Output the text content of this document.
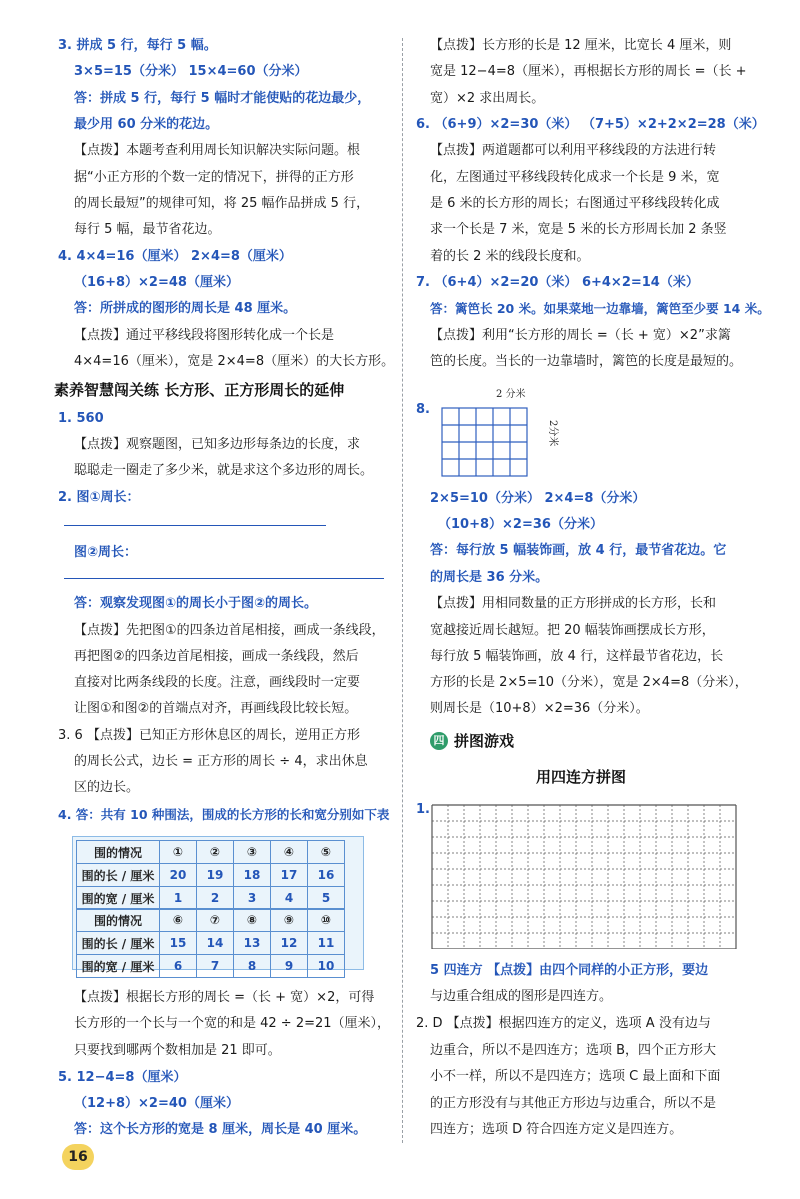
3. 拼成 5 行，每行 5 幅。
3×5=15（分米） 15×4=60（分米）
答：拼成 5 行，每行 5 幅时才能使贴的花边最少，
最少用 60 分米的花边。
【点拨】本题考查利用周长知识解决实际问题。根
据“小正方形的个数一定的情况下，拼得的正方形
的周长最短”的规律可知，将 25 幅作品拼成 5 行，
每行 5 幅，最节省花边。
4. 4×4=16（厘米） 2×4=8（厘米）
（16+8）×2=48（厘米）
答：所拼成的图形的周长是 48 厘米。
【点拨】通过平移线段将图形转化成一个长是
4×4=16（厘米），宽是 2×4=8（厘米）的大长方形。
素养智慧闯关练 长方形、正方形周长的延伸
1. 560
【点拨】观察题图，已知多边形每条边的长度，求
聪聪走一圈走了多少米，就是求这个多边形的周长。
2. 图①周长：
图②周长：
答：观察发现图①的周长小于图②的周长。
【点拨】先把图①的四条边首尾相接，画成一条线段，
再把图②的四条边首尾相接，画成一条线段，然后
直接对比两条线段的长度。注意，画线段时一定要
让图①和图②的首端点对齐，再画线段比较长短。
3. 6 【点拨】已知正方形休息区的周长，逆用正方形
的周长公式，边长 = 正方形的周长 ÷ 4，求出休息
区的边长。
4. 答：共有 10 种围法，围成的长方形的长和宽分别如下表
围的情况	①	②	③	④	⑤
围的长 / 厘米	20	19	18	17	16
围的宽 / 厘米	1	2	3	4	5
围的情况	⑥	⑦	⑧	⑨	⑩
围的长 / 厘米	15	14	13	12	11
围的宽 / 厘米	6	7	8	9	10
【点拨】根据长方形的周长 =（长 + 宽）×2，可得
长方形的一个长与一个宽的和是 42 ÷ 2=21（厘米），
只要找到哪两个数相加是 21 即可。
5. 12−4=8（厘米）
（12+8）×2=40（厘米）
答：这个长方形的宽是 8 厘米，周长是 40 厘米。
16
【点拨】长方形的长是 12 厘米，比宽长 4 厘米，则
宽是 12−4=8（厘米），再根据长方形的周长 =（长 +
宽）×2 求出周长。
6. （6+9）×2=30（米） （7+5）×2+2×2=28（米）
【点拨】两道题都可以利用平移线段的方法进行转
化，左图通过平移线段转化成求一个长是 9 米，宽
是 6 米的长方形的周长；右图通过平移线段转化成
求一个长是 7 米，宽是 5 米的长方形周长加 2 条竖
着的长 2 米的线段长度和。
7. （6+4）×2=20（米） 6+4×2=14（米）
答：篱笆长 20 米。如果菜地一边靠墙，篱笆至少要 14 米。
【点拨】利用“长方形的周长 =（长 + 宽）×2”求篱
笆的长度。当长的一边靠墙时，篱笆的长度是最短的。
8.
2 分米
2分米
2×5=10（分米） 2×4=8（分米）
（10+8）×2=36（分米）
答：每行放 5 幅装饰画，放 4 行，最节省花边。它
的周长是 36 分米。
【点拨】用相同数量的正方形拼成的长方形，长和
宽越接近周长越短。把 20 幅装饰画摆成长方形，
每行放 5 幅装饰画，放 4 行，这样最节省花边，长
方形的长是 2×5=10（分米），宽是 2×4=8（分米），
则周长是（10+8）×2=36（分米）。
四 拼图游戏
用四连方拼图
1.
5 四连方 【点拨】由四个同样的小正方形，要边
与边重合组成的图形是四连方。
2. D 【点拨】根据四连方的定义，选项 A 没有边与
边重合，所以不是四连方；选项 B，四个正方形大
小不一样，所以不是四连方；选项 C 最上面和下面
的正方形没有与其他正方形边与边重合，所以不是
四连方；选项 D 符合四连方定义是四连方。
